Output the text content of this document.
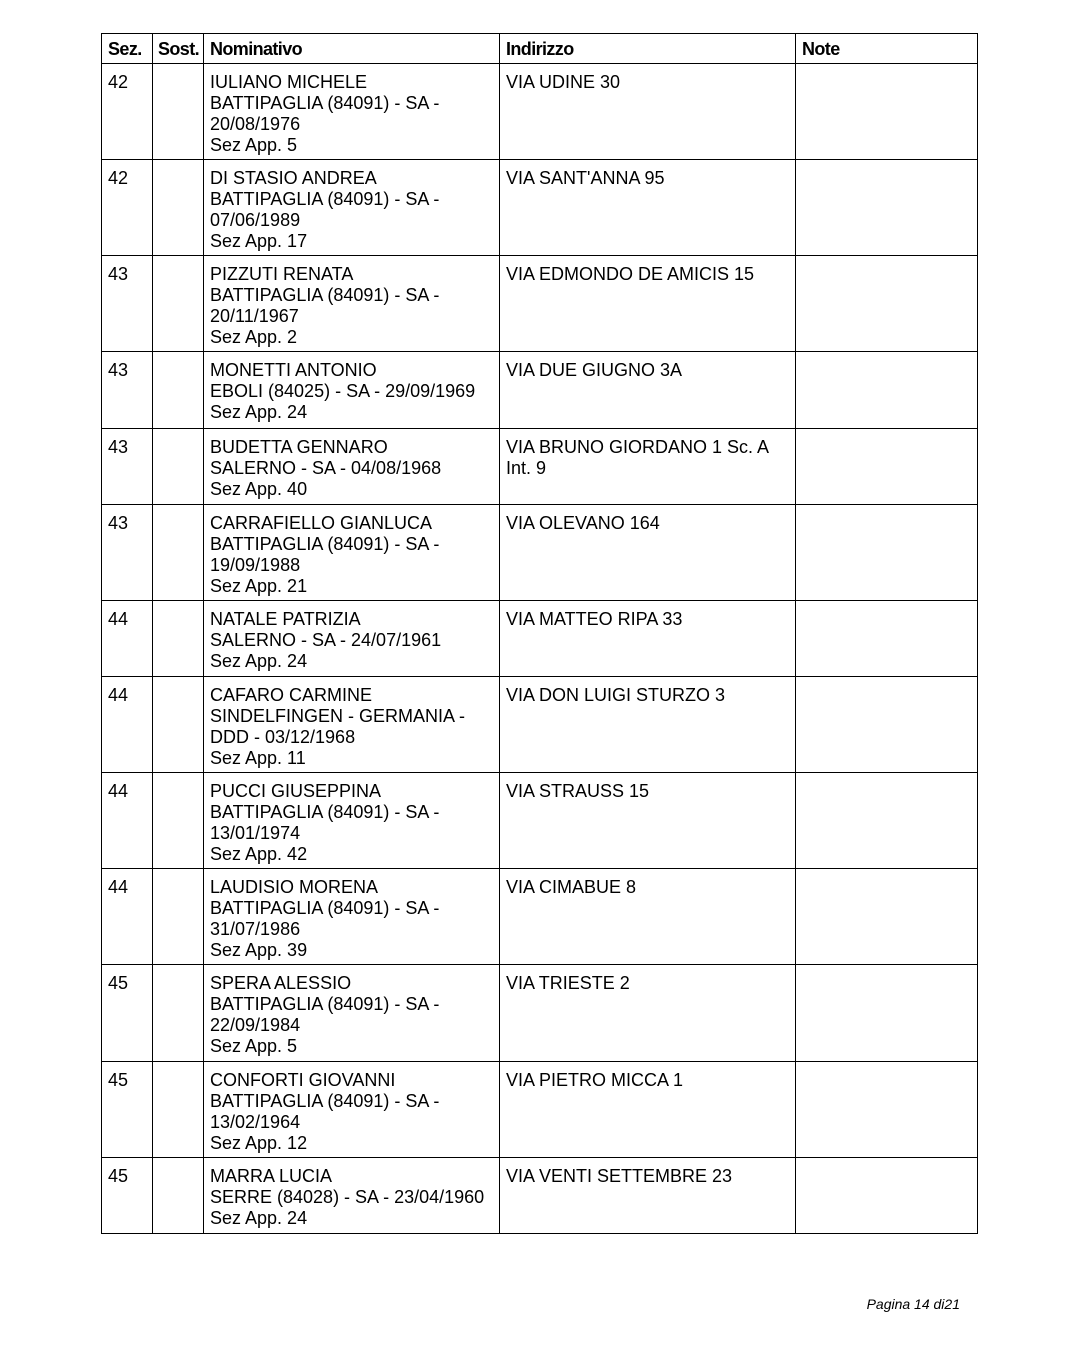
Sez.	Sost.	Nominativo	Indirizzo	Note
42		IULIANO MICHELE
BATTIPAGLIA (84091) - SA -
20/08/1976
Sez App. 5	VIA UDINE 30	

42		DI STASIO ANDREA
BATTIPAGLIA (84091) - SA -
07/06/1989
Sez App. 17	VIA SANT'ANNA 95	

43		PIZZUTI RENATA
BATTIPAGLIA (84091) - SA -
20/11/1967
Sez App. 2	VIA EDMONDO DE AMICIS 15	

43		MONETTI ANTONIO
EBOLI (84025) - SA - 29/09/1969
Sez App. 24	VIA DUE GIUGNO 3A	

43		BUDETTA GENNARO
SALERNO - SA - 04/08/1968
Sez App. 40	VIA BRUNO GIORDANO 1 Sc. A Int. 9	

43		CARRAFIELLO GIANLUCA
BATTIPAGLIA (84091) - SA -
19/09/1988
Sez App. 21	VIA OLEVANO 164	

44		NATALE PATRIZIA
SALERNO - SA - 24/07/1961
Sez App. 24	VIA MATTEO RIPA 33	

44		CAFARO CARMINE
SINDELFINGEN - GERMANIA -
DDD - 03/12/1968
Sez App. 11	VIA DON LUIGI STURZO 3	

44		PUCCI GIUSEPPINA
BATTIPAGLIA (84091) - SA -
13/01/1974
Sez App. 42	VIA STRAUSS 15	

44		LAUDISIO MORENA
BATTIPAGLIA (84091) - SA -
31/07/1986
Sez App. 39	VIA CIMABUE 8	

45		SPERA ALESSIO
BATTIPAGLIA (84091) - SA -
22/09/1984
Sez App. 5	VIA TRIESTE 2	

45		CONFORTI GIOVANNI
BATTIPAGLIA (84091) - SA -
13/02/1964
Sez App. 12	VIA PIETRO MICCA 1	

45		MARRA LUCIA
SERRE (84028) - SA - 23/04/1960
Sez App. 24	VIA VENTI SETTEMBRE 23	

Pagina 14 di21
